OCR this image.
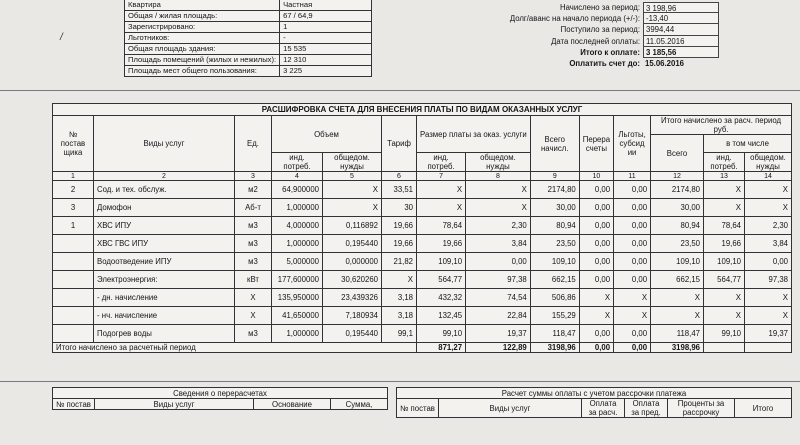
Квартира	Частная
Общая / жилая площадь:	67 / 64,9
Зарегистрировано:	1
Льготников:	-
Общая площадь здания:	15 535
Площадь помещений (жилых и нежилых):	12 310
Площадь мест общего пользования:	3 225
Начислено за период: 3 198,96
Долг/аванс на начало периода (+/-): -13,40
Поступило за период: 3994,44
Дата последней оплаты: 11.05.2016
Итого к оплате: 3 185,56
Оплатить счет до: 15.06.2016
/
РАСШИФРОВКА СЧЕТА ДЛЯ ВНЕСЕНИЯ ПЛАТЫ ПО ВИДАМ ОКАЗАННЫХ УСЛУГ													
№ постав щика	Виды услуг	Ед.	Объем		Тариф	Размер платы за оказ. услуги		Всего начисл.	Перера счеты	Льготы, субсид ии	Итого начислено за расч. период руб.		
											Всего	в том числе	
			инд. потреб.	общедом. нужды		инд. потреб.	общедом. нужды					инд. потреб.	общедом. нужды
1	2	3	4	5	6	7	8	9	10	11	12	13	14
2	Сод. и тех. обслуж.	м2	64,900000	X	33,51	X	X	2174,80	0,00	0,00	2174,80	X	X
3	Домофон	Аб-т	1,000000	X	30	X	X	30,00	0,00	0,00	30,00	X	X
1	ХВС ИПУ	м3	4,000000	0,116892	19,66	78,64	2,30	80,94	0,00	0,00	80,94	78,64	2,30
	ХВС ГВС ИПУ	м3	1,000000	0,195440	19,66	19,66	3,84	23,50	0,00	0,00	23,50	19,66	3,84
	Водоотведение ИПУ	м3	5,000000	0,000000	21,82	109,10	0,00	109,10	0,00	0,00	109,10	109,10	0,00
	Электроэнергия:	кВт	177,600000	30,620260	X	564,77	97,38	662,15	0,00	0,00	662,15	564,77	97,38
	- дн. начисление	X	135,950000	23,439326	3,18	432,32	74,54	506,86	X	X	X	X	X
	- нч. начисление	X	41,650000	7,180934	3,18	132,45	22,84	155,29	X	X	X	X	X
	Подогрев воды	м3	1,000000	0,195440	99,1	99,10	19,37	118,47	0,00	0,00	118,47	99,10	19,37
Итого начислено за расчетный период						871,27	122,89	3198,96	0,00	0,00	3198,96		
Сведения о перерасчетах
№ постав	Виды услуг	Основание	Сумма,
Расчет суммы оплаты с учетом рассрочки платежа
№ постав	Виды услуг	Оплата за расч.	Оплата за пред.	Проценты за рассрочку	Итого
